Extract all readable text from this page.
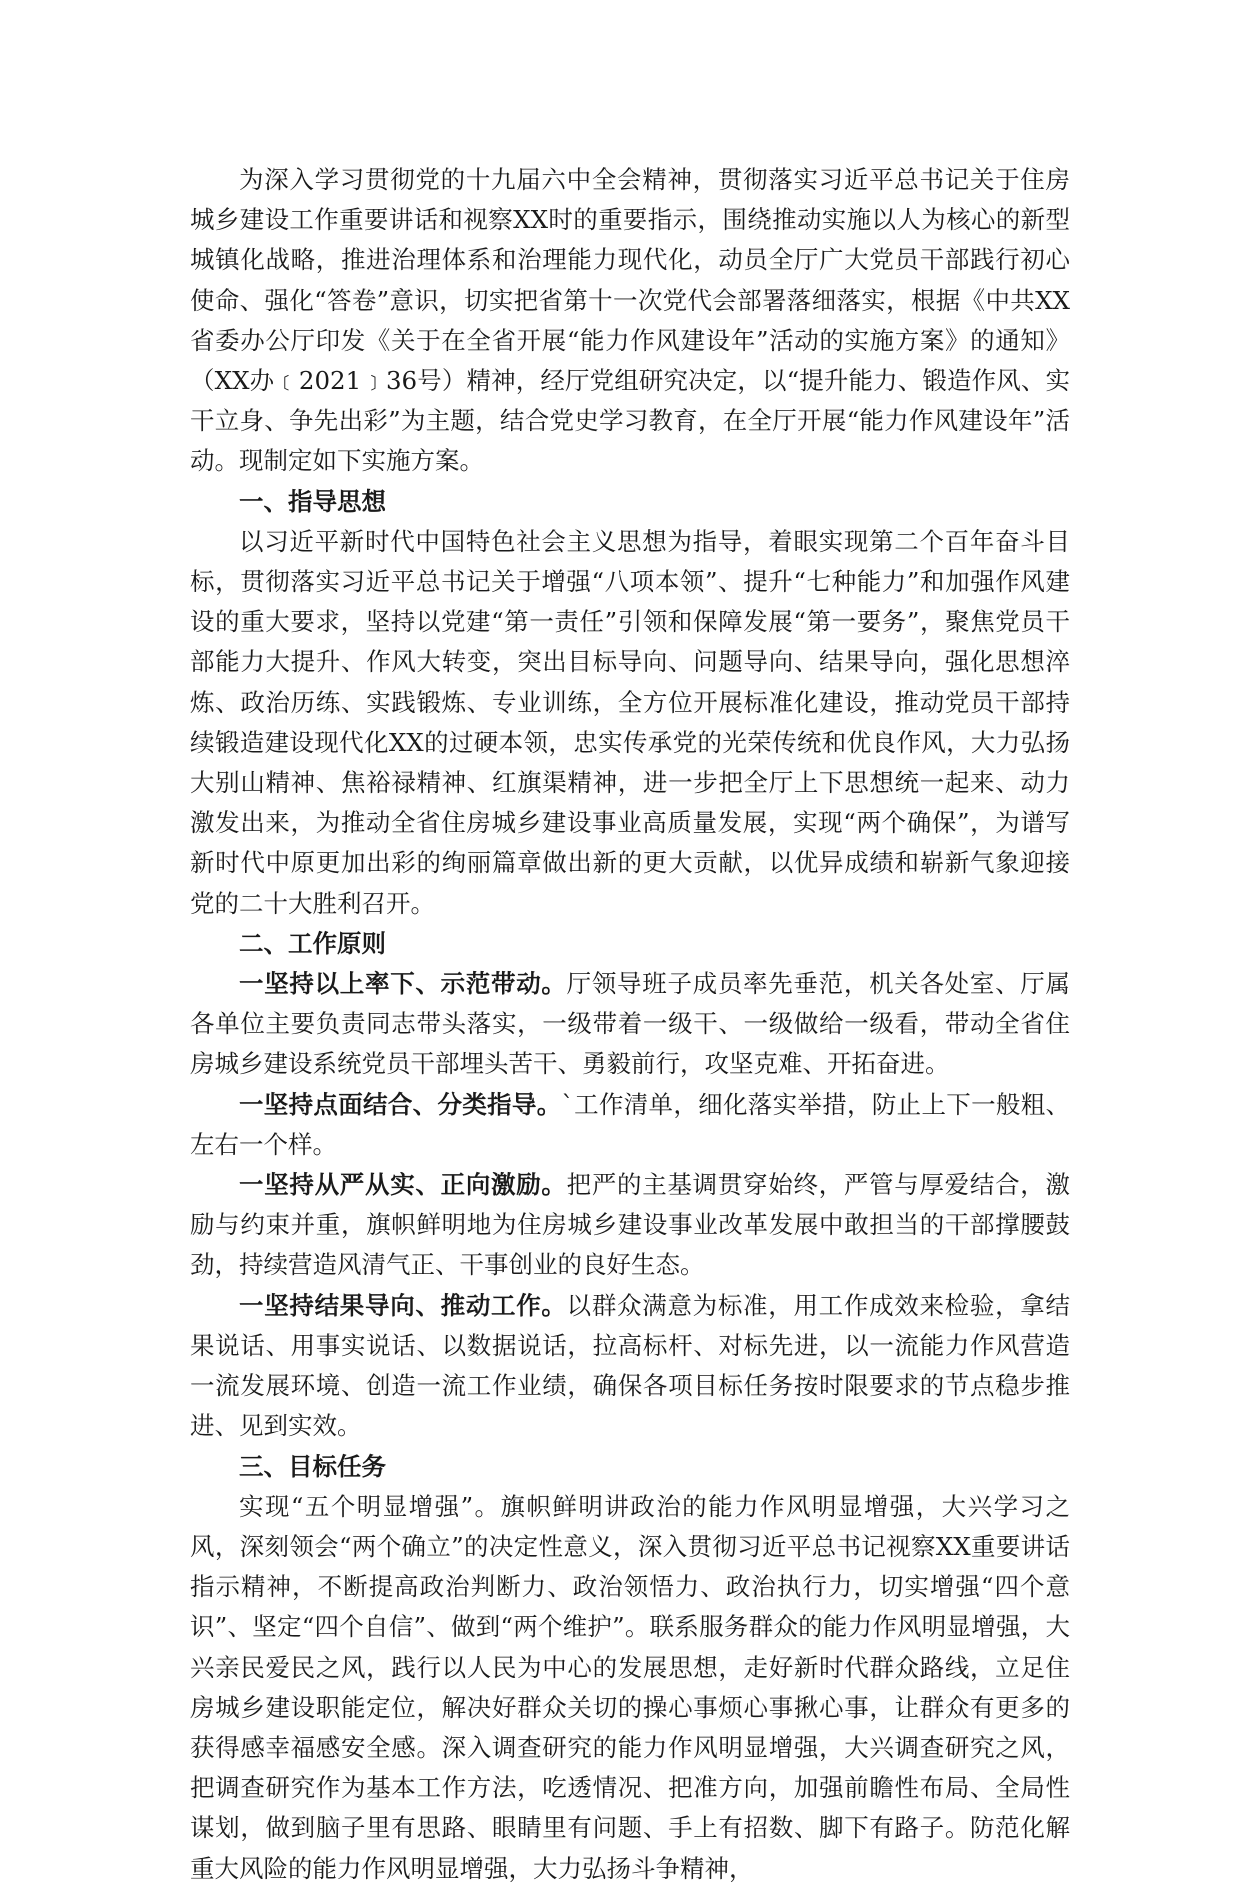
为深入学习贯彻党的十九届六中全会精神，贯彻落实习近平总书记关于住房城乡建设工作重要讲话和视察XX时的重要指示，围绕推动实施以人为核心的新型城镇化战略，推进治理体系和治理能力现代化，动员全厅广大党员干部践行初心使命、强化“答卷”意识，切实把省第十一次党代会部署落细落实，根据《中共XX省委办公厅印发《关于在全省开展“能力作风建设年”活动的实施方案》的通知》（XX办﹝2021﹞36号）精神，经厅党组研究决定，以“提升能力、锻造作风、实干立身、争先出彩”为主题，结合党史学习教育，在全厅开展“能力作风建设年”活动。现制定如下实施方案。

一、指导思想

以习近平新时代中国特色社会主义思想为指导，着眼实现第二个百年奋斗目标，贯彻落实习近平总书记关于增强“八项本领”、提升“七种能力”和加强作风建设的重大要求，坚持以党建“第一责任”引领和保障发展“第一要务”，聚焦党员干部能力大提升、作风大转变，突出目标导向、问题导向、结果导向，强化思想淬炼、政治历练、实践锻炼、专业训练，全方位开展标准化建设，推动党员干部持续锻造建设现代化XX的过硬本领，忠实传承党的光荣传统和优良作风，大力弘扬大别山精神、焦裕禄精神、红旗渠精神，进一步把全厅上下思想统一起来、动力激发出来，为推动全省住房城乡建设事业高质量发展，实现“两个确保”，为谱写新时代中原更加出彩的绚丽篇章做出新的更大贡献，以优异成绩和崭新气象迎接党的二十大胜利召开。

二、工作原则

一坚持以上率下、示范带动。厅领导班子成员率先垂范，机关各处室、厅属各单位主要负责同志带头落实，一级带着一级干、一级做给一级看，带动全省住房城乡建设系统党员干部埋头苦干、勇毅前行，攻坚克难、开拓奋进。

一坚持点面结合、分类指导。`工作清单，细化落实举措，防止上下一般粗、左右一个样。

一坚持从严从实、正向激励。把严的主基调贯穿始终，严管与厚爱结合，激励与约束并重，旗帜鲜明地为住房城乡建设事业改革发展中敢担当的干部撑腰鼓劲，持续营造风清气正、干事创业的良好生态。

一坚持结果导向、推动工作。以群众满意为标准，用工作成效来检验，拿结果说话、用事实说话、以数据说话，拉高标杆、对标先进，以一流能力作风营造一流发展环境、创造一流工作业绩，确保各项目标任务按时限要求的节点稳步推进、见到实效。

三、目标任务

实现“五个明显增强”。旗帜鲜明讲政治的能力作风明显增强，大兴学习之风，深刻领会“两个确立”的决定性意义，深入贯彻习近平总书记视察XX重要讲话指示精神，不断提高政治判断力、政治领悟力、政治执行力，切实增强“四个意识”、坚定“四个自信”、做到“两个维护”。联系服务群众的能力作风明显增强，大兴亲民爱民之风，践行以人民为中心的发展思想，走好新时代群众路线，立足住房城乡建设职能定位，解决好群众关切的操心事烦心事揪心事，让群众有更多的获得感幸福感安全感。深入调查研究的能力作风明显增强，大兴调查研究之风，把调查研究作为基本工作方法，吃透情况、把准方向，加强前瞻性布局、全局性谋划，做到脑子里有思路、眼睛里有问题、手上有招数、脚下有路子。防范化解重大风险的能力作风明显增强，大力弘扬斗争精神，
